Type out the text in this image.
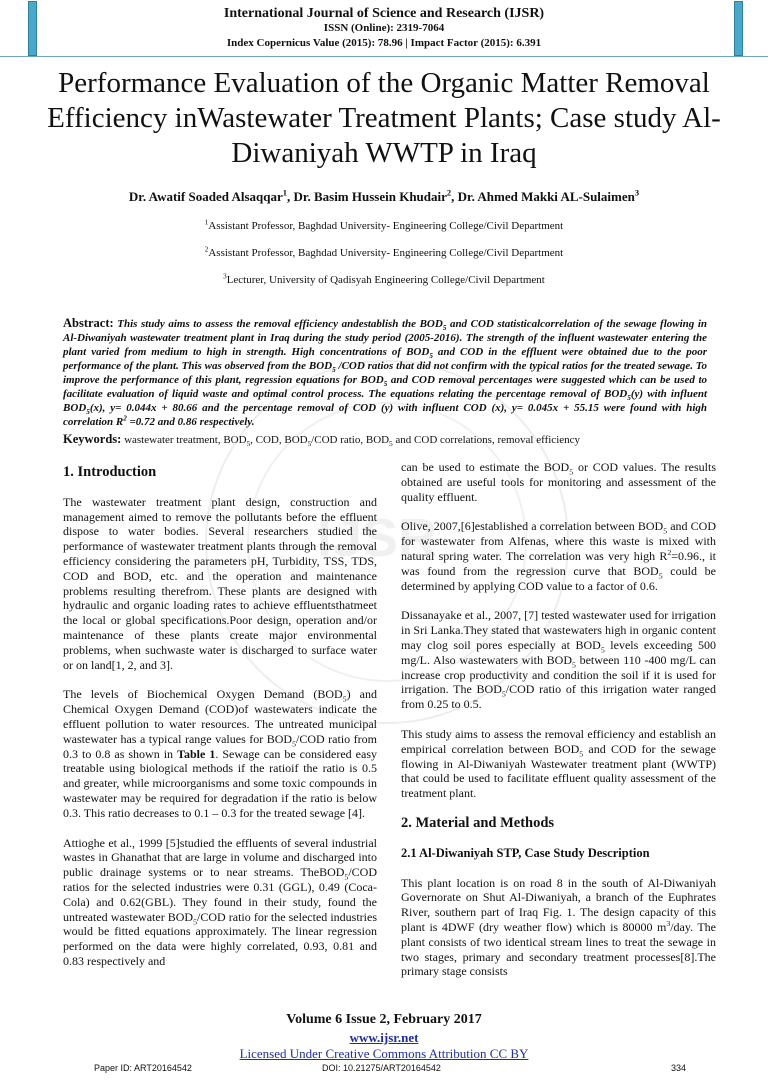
International Journal of Science and Research (IJSR)
ISSN (Online): 2319-7064
Index Copernicus Value (2015): 78.96 | Impact Factor (2015): 6.391
IJSR
Performance Evaluation of the Organic Matter Removal Efficiency inWastewater Treatment Plants; Case study Al- Diwaniyah WWTP in Iraq
Dr. Awatif Soaded Alsaqqar$^1$, Dr. Basim Hussein Khudair$^2$, Dr. Ahmed Makki AL-Sulaimen$^3$
$^1$Assistant Professor, Baghdad University- Engineering College/Civil Department
$^2$Assistant Professor, Baghdad University- Engineering College/Civil Department
$^3$Lecturer, University of Qadisyah Engineering College/Civil Department
Abstract: This study aims to assess the removal efficiency andestablish the $BOD_5$ and COD statisticalcorrelation of the sewage flowing in Al-Diwaniyah wastewater treatment plant in Iraq during the study period (2005-2016). The strength of the influent wastewater entering the plant varied from medium to high in strength. High concentrations of $BOD_5$ and COD in the effluent were obtained due to the poor performance of the plant. This was observed from the $BOD_5$ /COD ratios that did not confirm with the typical ratios for the treated sewage. To improve the performance of this plant, regression equations for $BOD_5$ and COD removal percentages were suggested which can be used to facilitate evaluation of liquid waste and optimal control process. The equations relating the percentage removal of $BOD_5(y)$ with influent $BOD_5(x)$, y= 0.044x + 80.66 and the percentage removal of COD (y) with influent COD (x), y= 0.045x + 55.15 were found with high correlation $R^2 =0.72$ and 0.86 respectively.
Keywords: wastewater treatment, $BOD_5$, COD, $BOD_5$/COD ratio, $BOD_5$ and COD correlations, removal efficiency
1. Introduction

The wastewater treatment plant design, construction and management aimed to remove the pollutants before the effluent dispose to water bodies. Several researchers studied the performance of wastewater treatment plants through the removal efficiency considering the parameters pH, Turbidity, TSS, TDS, COD and BOD, etc. and the operation and maintenance problems resulting therefrom. These plants are designed with hydraulic and organic loading rates to achieve effluentsthatmeet the local or global specifications.Poor design, operation and/or maintenance of these plants create major environmental problems, when suchwaste water is discharged to surface water or on land[1, 2, and 3].

The levels of Biochemical Oxygen Demand $(BOD_5)$ and Chemical Oxygen Demand (COD)of wastewaters indicate the effluent pollution to water resources. The untreated municipal wastewater has a typical range values for $BOD_5$/COD ratio from 0.3 to 0.8 as shown in Table 1. Sewage can be considered easy treatable using biological methods if the ratioif the ratio is 0.5 and greater, while microorganisms and some toxic compounds in wastewater may be required for degradation if the ratio is below 0.3. This ratio decreases to 0.1 – 0.3 for the treated sewage [4].

Attioghe et al., 1999 [5]studied the effluents of several industrial wastes in Ghanathat that are large in volume and discharged into public drainage systems or to near streams. TheBOD$_5$/COD ratios for the selected industries were 0.31 (GGL), 0.49 (Coca-Cola) and 0.62(GBL). They found in their study, found the untreated wastewater $BOD_5$/COD ratio for the selected industries would be fitted equations approximately. The linear regression performed on the data were highly correlated, 0.93, 0.81 and 0.83 respectively and

can be used to estimate the $BOD_5$ or COD values. The results obtained are useful tools for monitoring and assessment of the quality effluent.

Olive, 2007,[6]established a correlation between $BOD_5$ and COD for wastewater from Alfenas, where this waste is mixed with natural spring water. The correlation was very high $R^2=0.96$., it was found from the regression curve that $BOD_5$ could be determined by applying COD value to a factor of 0.6.

Dissanayake et al., 2007, [7] tested wastewater used for irrigation in Sri Lanka.They stated that wastewaters high in organic content may clog soil pores especially at $BOD_5$ levels exceeding 500 mg/L. Also wastewaters with $BOD_5$ between 110 -400 mg/L can increase crop productivity and condition the soil if it is used for irrigation. The $BOD_5$/COD ratio of this irrigation water ranged from 0.25 to 0.5.

This study aims to assess the removal efficiency and establish an empirical correlation between $BOD_5$ and COD for the sewage flowing in Al-Diwaniyah Wastewater treatment plant (WWTP) that could be used to facilitate effluent quality assessment of the treatment plant.

2. Material and Methods
2.1 Al-Diwaniyah STP, Case Study Description

This plant location is on road 8 in the south of Al-Diwaniyah Governorate on Shut Al-Diwaniyah, a branch of the Euphrates River, southern part of Iraq Fig. 1. The design capacity of this plant is 4DWF (dry weather flow) which is 80000 $m^3$/day. The plant consists of two identical stream lines to treat the sewage in two stages, primary and secondary treatment processes[8].The primary stage consists

Volume 6 Issue 2, February 2017
www.ijsr.net
Licensed Under Creative Commons Attribution CC BY
Paper ID: ART20164542	DOI: 10.21275/ART20164542	334
